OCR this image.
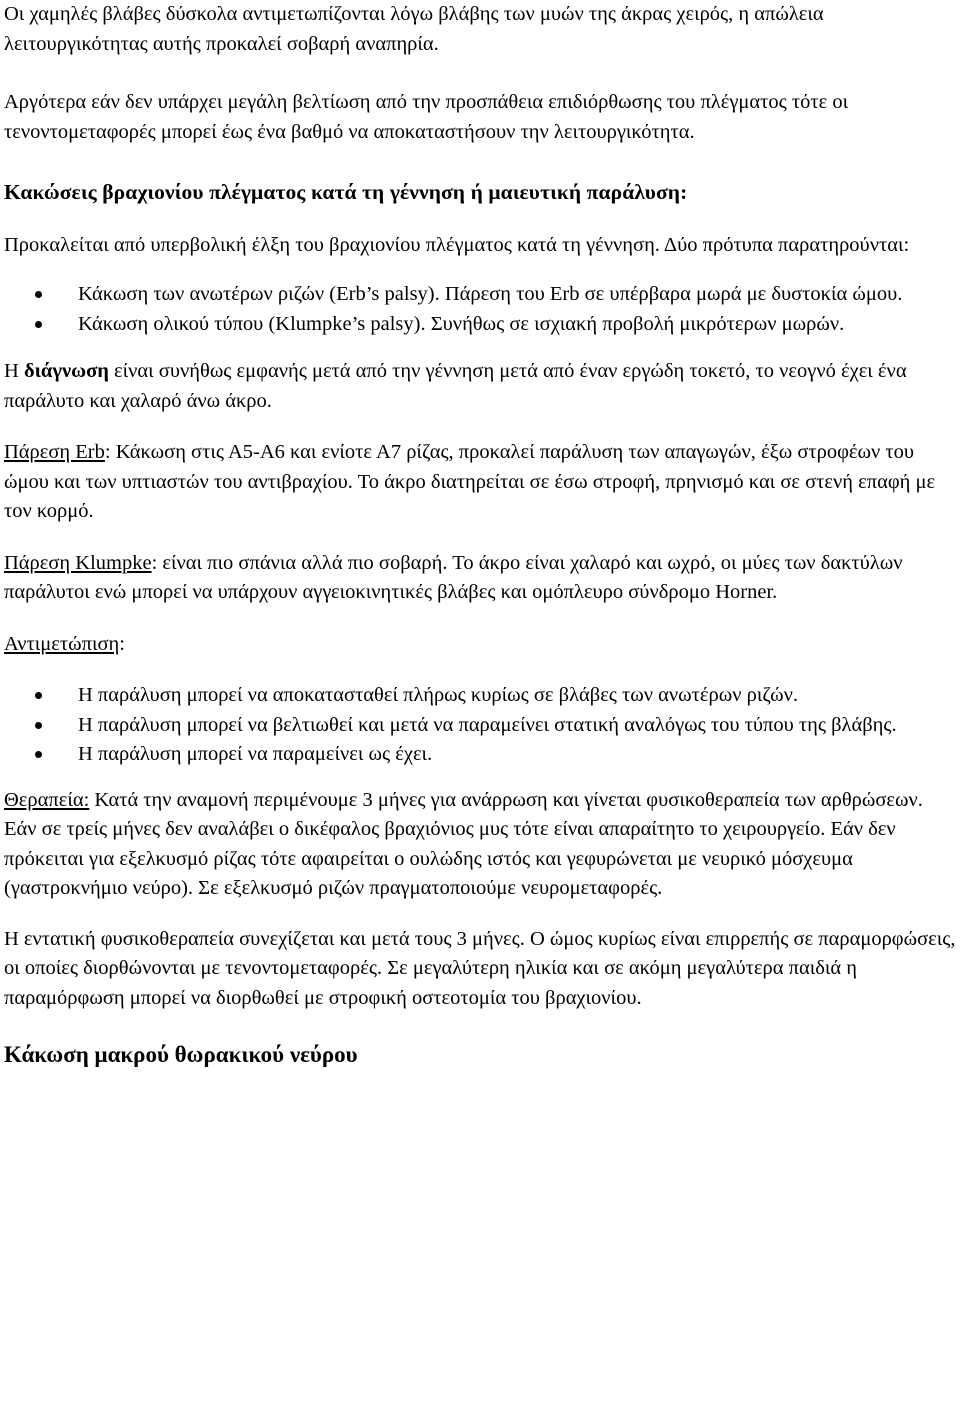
Οι χαμηλές βλάβες δύσκολα αντιμετωπίζονται λόγω βλάβης των μυών της άκρας χειρός, η απώλεια λειτουργικότητας αυτής προκαλεί σοβαρή αναπηρία.

Αργότερα εάν δεν υπάρχει μεγάλη βελτίωση από την προσπάθεια επιδιόρθωσης του πλέγματος τότε οι τενοντομεταφορές μπορεί έως ένα βαθμό να αποκαταστήσουν την λειτουργικότητα.

Κακώσεις βραχιονίου πλέγματος κατά τη γέννηση ή μαιευτική παράλυση:

Προκαλείται από υπερβολική έλξη του βραχιονίου πλέγματος κατά τη γέννηση. Δύο πρότυπα παρατηρούνται:

Κάκωση των ανωτέρων ριζών (Erb’s palsy). Πάρεση του Erb σε υπέρβαρα μωρά με δυστοκία ώμου.
Κάκωση ολικού τύπου (Klumpke’s palsy). Συνήθως σε ισχιακή προβολή μικρότερων μωρών.

Η διάγνωση είναι συνήθως εμφανής μετά από την γέννηση μετά από έναν εργώδη τοκετό, το νεογνό έχει ένα παράλυτο και χαλαρό άνω άκρο.

Πάρεση Erb: Κάκωση στις Α5-Α6 και ενίοτε Α7 ρίζας, προκαλεί παράλυση των απαγωγών, έξω στροφέων του ώμου και των υπτιαστών του αντιβραχίου. Το άκρο διατηρείται σε έσω στροφή, πρηνισμό και σε στενή επαφή με τον κορμό.

Πάρεση Klumpke: είναι πιο σπάνια αλλά πιο σοβαρή. Το άκρο είναι χαλαρό και ωχρό, οι μύες των δακτύλων παράλυτοι ενώ μπορεί να υπάρχουν αγγειοκινητικές βλάβες και ομόπλευρο σύνδρομο Horner.

Αντιμετώπιση:

Η παράλυση μπορεί να αποκατασταθεί πλήρως κυρίως σε βλάβες των ανωτέρων ριζών.
Η παράλυση μπορεί να βελτιωθεί και μετά να παραμείνει στατική αναλόγως του τύπου της βλάβης.
Η παράλυση μπορεί να παραμείνει ως έχει.

Θεραπεία: Κατά την αναμονή περιμένουμε 3 μήνες για ανάρρωση και γίνεται φυσικοθεραπεία των αρθρώσεων. Εάν σε τρείς μήνες δεν αναλάβει ο δικέφαλος βραχιόνιος μυς τότε είναι απαραίτητο το χειρουργείο. Εάν δεν πρόκειται για εξελκυσμό ρίζας τότε αφαιρείται ο ουλώδης ιστός και γεφυρώνεται με νευρικό μόσχευμα (γαστροκνήμιο νεύρο). Σε εξελκυσμό ριζών πραγματοποιούμε νευρομεταφορές.

Η εντατική φυσικοθεραπεία συνεχίζεται και μετά τους 3 μήνες. Ο ώμος κυρίως είναι επιρρεπής σε παραμορφώσεις, οι οποίες διορθώνονται με τενοντομεταφορές. Σε μεγαλύτερη ηλικία και σε ακόμη μεγαλύτερα παιδιά η παραμόρφωση μπορεί να διορθωθεί με στροφική οστεοτομία του βραχιονίου.

Κάκωση μακρού θωρακικού νεύρου
